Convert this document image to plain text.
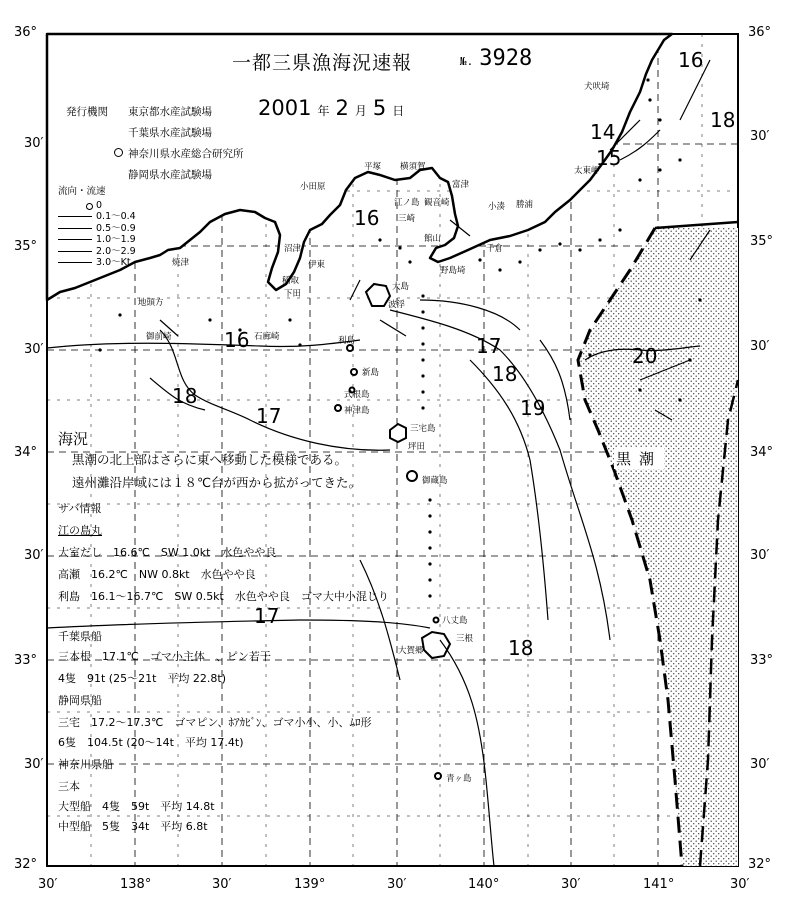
36°
30′
35°
30′
34°
30′
33°
30′
32°
36°
30′
35°
30′
34°
30′
33°
30′
32°
30′	138°	30′	139°	30′	140°	30′	141°	30′
一都三県漁海況速報	№. 3928
2001 年 2 月 5 日
発行機関 東京都水産試験場
千葉県水産試験場
神奈川県水産総合研究所
静岡県水産試験場
流向・流速
0
0.1～0.4
0.5～0.9
1.0～1.9
2.0～2.9
3.0～Kt
16
18
14
15
16
16
18
17
17
18
19
20
17
18
黒潮
犬吠埼
太東岬
小湊 勝浦
千倉
野島埼
館山
富津
横須賀
観音崎
三崎
平塚
小田原
江ノ島
沼津
伊東
稲取
下田
焼津
地頭方
御前崎	石廊崎
大島
利島
新島
式根島
神津島
三宅島
御蔵島
坪田
八丈島
三根
大賀郷
青ヶ島
波浮
海況
黒潮の北上部はさらに東へ移動した模様である。
遠州灘沿岸域には１８℃台が西から拡がってきた。
サバ情報
江の島丸
大室だし　16.6℃　SW 1.0kt　水色やや良
高瀬　16.2℃　NW 0.8kt　水色やや良
利島　16.1～16.7℃　SW 0.5kt　水色やや良　ゴマ大中小混じり
千葉県船
三本根　17.1℃　ゴマ小主体　、ピン若干
4隻　91t (25～21t　平均 22.8t)
静岡県船
三宅　17.2～17.3℃　ゴマピン、ﾎｱｶﾋﾞﾝ、ゴマ小小、小、ﾑﾛ形
6隻　104.5t (20～14t　平均 17.4t)
神奈川県船
三本
大型船　4隻　59t　平均 14.8t
中型船　5隻　34t　平均 6.8t
